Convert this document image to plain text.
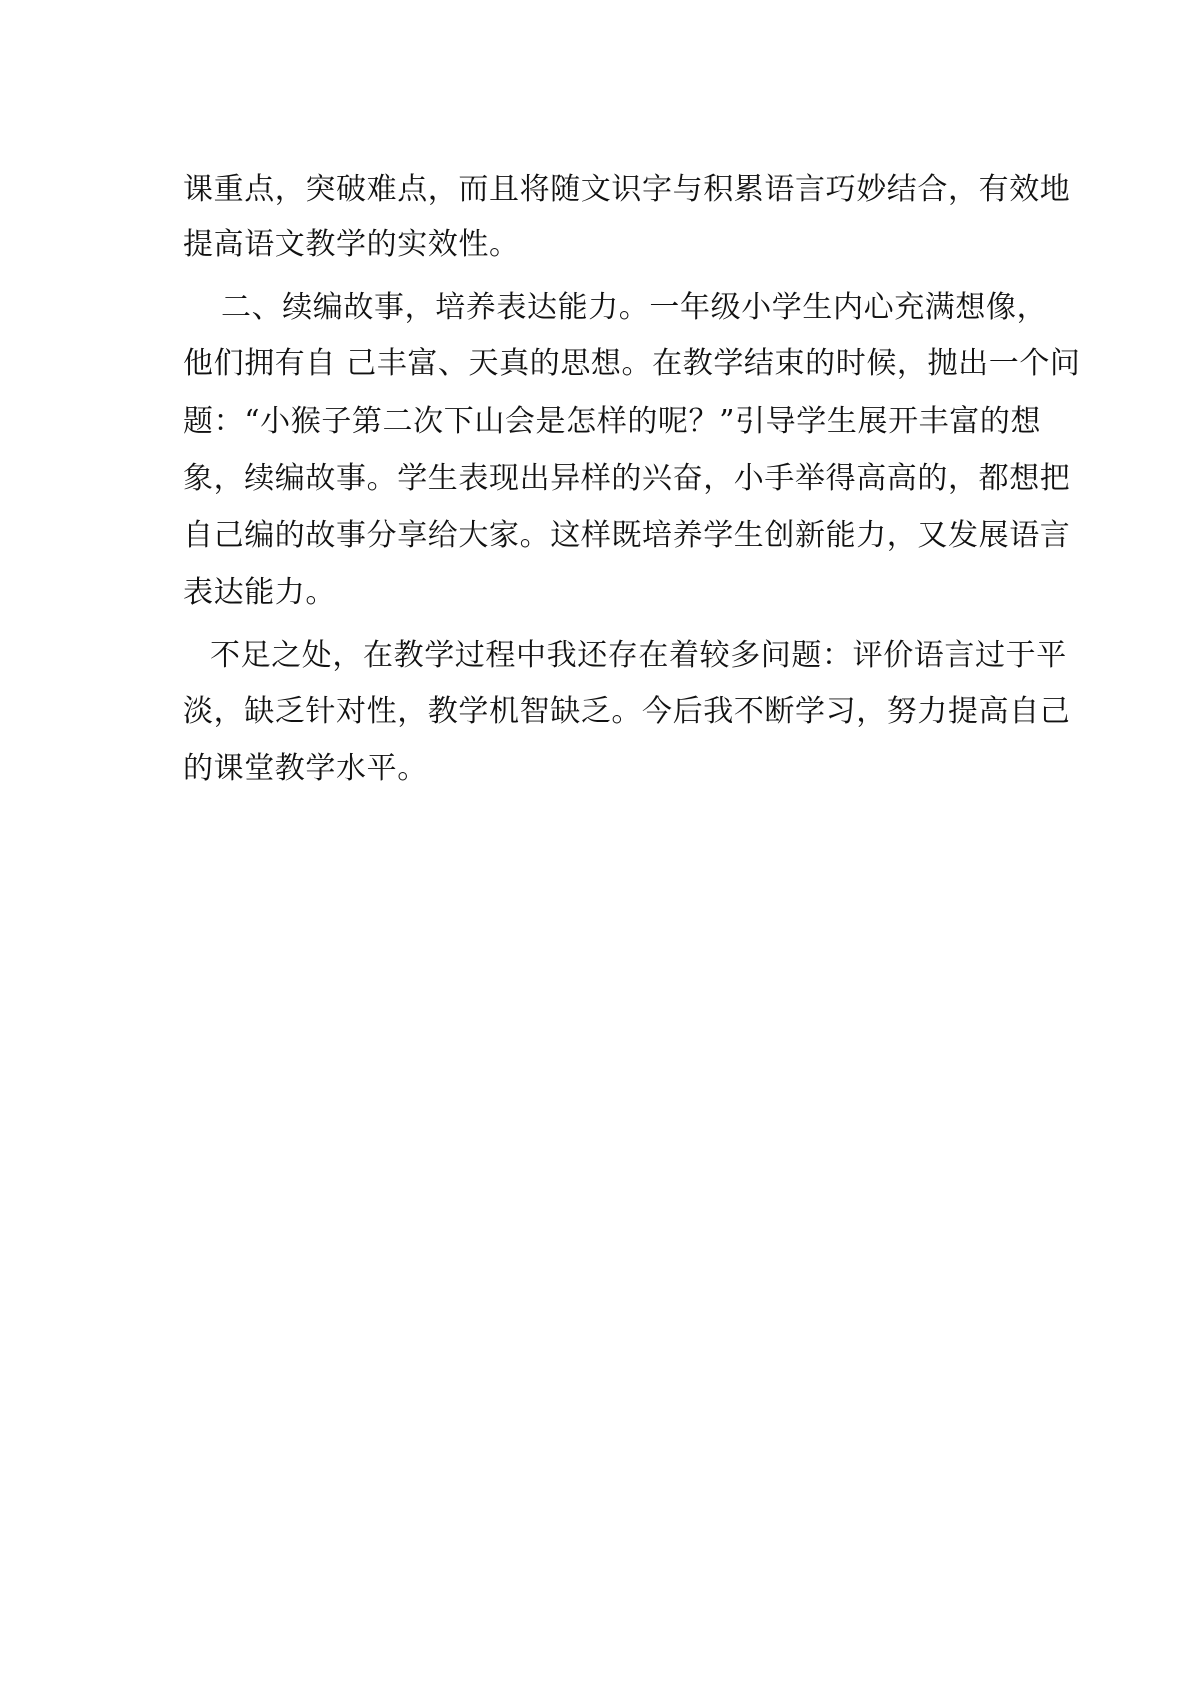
课重点，突破难点，而且将随文识字与积累语言巧妙结合，有效地
提高语文教学的实效性。
二、续编故事，培养表达能力。一年级小学生内心充满想像，
他们拥有自 己丰富、天真的思想。在教学结束的时候，抛出一个问
题：“小猴子第二次下山会是怎样的呢？”引导学生展开丰富的想
象，续编故事。学生表现出异样的兴奋，小手举得高高的，都想把
自己编的故事分享给大家。这样既培养学生创新能力，又发展语言
表达能力。
不足之处，在教学过程中我还存在着较多问题：评价语言过于平
淡，缺乏针对性，教学机智缺乏。今后我不断学习，努力提高自己
的课堂教学水平。
